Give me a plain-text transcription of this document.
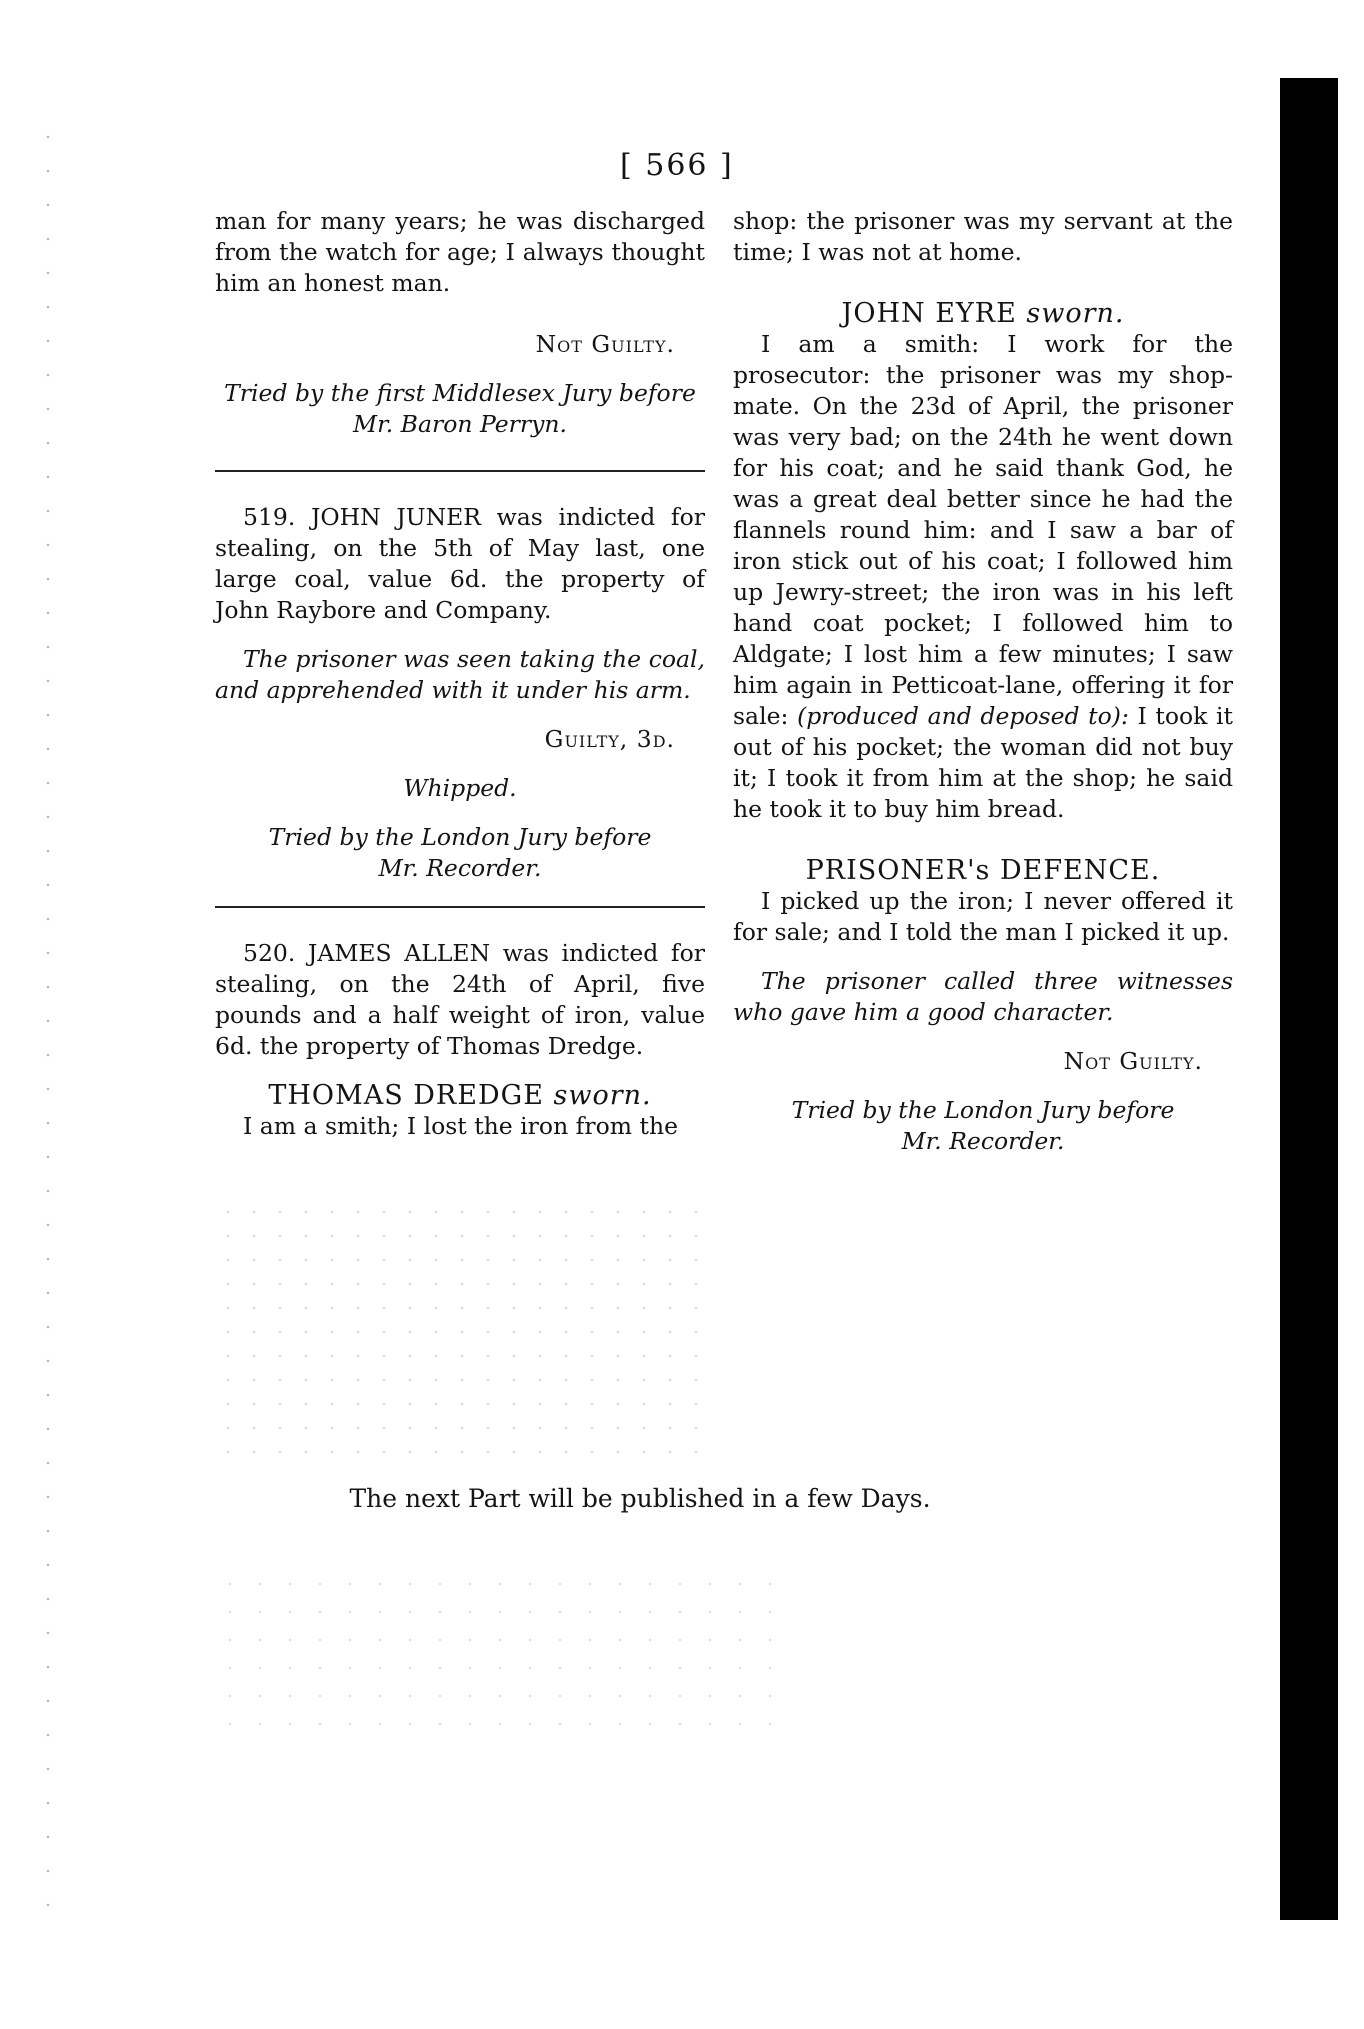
[ 566 ]

man for many years; he was discharged from the watch for age; I always thought him an honest man.

Not Guilty.

Tried by the first Middlesex Jury before

Mr. Baron Perryn.

519. JOHN JUNER was indicted for stealing, on the 5th of May last, one large coal, value 6d. the property of John Raybore and Company.

The prisoner was seen taking the coal, and apprehended with it under his arm.

Guilty, 3d.

Whipped.

Tried by the London Jury before

Mr. Recorder.

520. JAMES ALLEN was indicted for stealing, on the 24th of April, five pounds and a half weight of iron, value 6d. the property of Thomas Dredge.

THOMAS DREDGE sworn.

I am a smith; I lost the iron from the

shop: the prisoner was my servant at the time; I was not at home.

JOHN EYRE sworn.

I am a smith: I work for the prosecutor: the prisoner was my shop-mate. On the 23d of April, the prisoner was very bad; on the 24th he went down for his coat; and he said thank God, he was a great deal better since he had the flannels round him: and I saw a bar of iron stick out of his coat; I followed him up Jewry-street; the iron was in his left hand coat pocket; I followed him to Aldgate; I lost him a few minutes; I saw him again in Petticoat-lane, offering it for sale: (produced and deposed to): I took it out of his pocket; the woman did not buy it; I took it from him at the shop; he said he took it to buy him bread.

PRISONER's DEFENCE.

I picked up the iron; I never offered it for sale; and I told the man I picked it up.

The prisoner called three witnesses who gave him a good character.

Not Guilty.

Tried by the London Jury before

Mr. Recorder.

The next Part will be published in a few Days.
